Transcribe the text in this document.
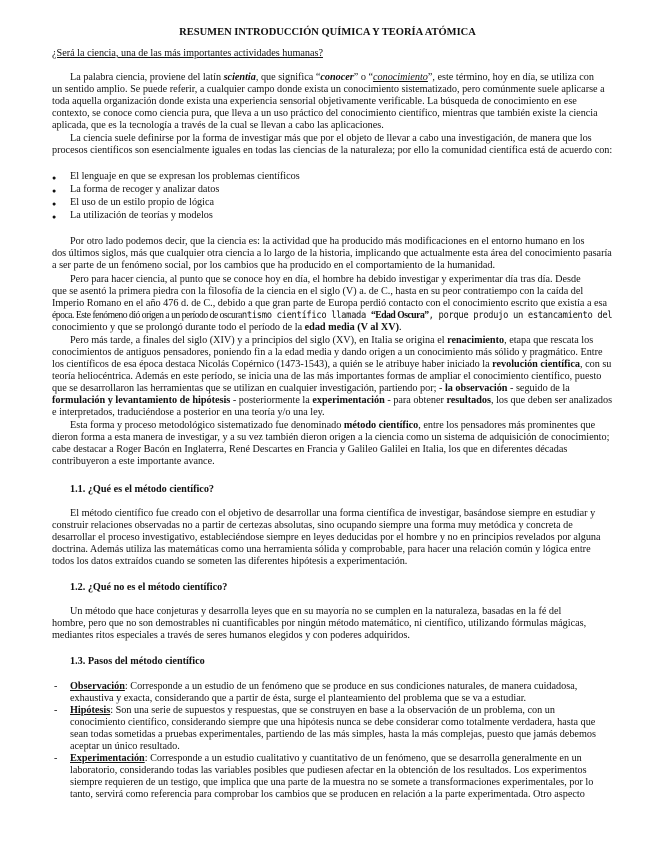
RESUMEN INTRODUCCIÓN QUÍMICA Y TEORÍA ATÓMICA
¿Será la ciencia, una de las más importantes actividades humanas?
La palabra ciencia, proviene del latín scientia, que significa “conocer” o “conocimiento”, este término, hoy en día, se utiliza con
un sentido amplio. Se puede referir, a cualquier campo donde exista un conocimiento sistematizado, pero comúnmente suele aplicarse a
toda aquella organización donde exista una experiencia sensorial objetivamente verificable. La búsqueda de conocimiento en ese
contexto, se conoce como ciencia pura, que lleva a un uso práctico del conocimiento científico, mientras que también existe la ciencia
aplicada, que es la tecnología a través de la cual se llevan a cabo las aplicaciones.
La ciencia suele definirse por la forma de investigar más que por el objeto de llevar a cabo una investigación, de manera que los
procesos científicos son esencialmente iguales en todas las ciencias de la naturaleza; por ello la comunidad científica está de acuerdo con:
● El lenguaje en que se expresan los problemas científicos
● La forma de recoger y analizar datos
● El uso de un estilo propio de lógica
● La utilización de teorías y modelos
Por otro lado podemos decir, que la ciencia es: la actividad que ha producido más modificaciones en el entorno humano en los
dos últimos siglos, más que cualquier otra ciencia a lo largo de la historia, implicando que actualmente esta área del conocimiento pasaría
a ser parte de un fenómeno social, por los cambios que ha producido en el comportamiento de la humanidad.
Pero para hacer ciencia, al punto que se conoce hoy en día, el hombre ha debido investigar y experimentar día tras día. Desde
que se asentó la primera piedra con la filosofía de la ciencia en el siglo (V) a. de C., hasta en su peor contratiempo con la caída del
Imperio Romano en el año 476 d. de C., debido a que gran parte de Europa perdió contacto con el conocimiento escrito que existía a esa
época. Este fenómeno dió origen a un período de oscurantismo científico llamada “Edad Oscura”, porque produjo un estancamiento del
conocimiento y que se prolongó durante todo el período de la edad media (V al XV).
Pero más tarde, a finales del siglo (XIV) y a principios del siglo (XV), en Italia se origina el renacimiento, etapa que rescata los
conocimientos de antiguos pensadores, poniendo fin a la edad media y dando origen a un conocimiento más sólido y pragmático. Entre
los científicos de esa época destaca Nicolás Copérnico (1473-1543), a quién se le atribuye haber iniciado la revolución científica, con su
teoría heliocéntrica. Además en este período, se inicia una de las más importantes formas de ampliar el conocimiento científico, puesto
que se desarrollaron las herramientas que se utilizan en cualquier investigación, partiendo por; - la observación - seguido de la
formulación y levantamiento de hipótesis - posteriormente la experimentación - para obtener resultados, los que deben ser analizados
e interpretados, traduciéndose a posterior en una teoría y/o una ley.
Esta forma y proceso metodológico sistematizado fue denominado método científico, entre los pensadores más prominentes que
dieron forma a esta manera de investigar, y a su vez también dieron origen a la ciencia como un sistema de adquisición de conocimiento;
cabe destacar a Roger Bacón en Inglaterra, René Descartes en Francia y Galileo Galilei en Italia, los que en diferentes décadas
contribuyeron a este importante avance.
1.1. ¿Qué es el método científico?
El método científico fue creado con el objetivo de desarrollar una forma científica de investigar, basándose siempre en estudiar y
construir relaciones observadas no a partir de certezas absolutas, sino ocupando siempre una forma muy metódica y concreta de
desarrollar el proceso investigativo, estableciéndose siempre en leyes deducidas por el hombre y no en principios revelados por alguna
doctrina. Además utiliza las matemáticas como una herramienta sólida y comprobable, para hacer una relación común y lógica entre
todos los datos extraídos cuando se someten las diferentes hipótesis a experimentación.
1.2. ¿Qué no es el método científico?
Un método que hace conjeturas y desarrolla leyes que en su mayoría no se cumplen en la naturaleza, basadas en la fé del
hombre, pero que no son demostrables ni cuantificables por ningún método matemático, ni científico, utilizando fórmulas mágicas,
mediantes ritos especiales a través de seres humanos elegidos y con poderes adquiridos.
1.3. Pasos del método científico
- Observación: Corresponde a un estudio de un fenómeno que se produce en sus condiciones naturales, de manera cuidadosa,
exhaustiva y exacta, considerando que a partir de ésta, surge el planteamiento del problema que se va a estudiar.
- Hipótesis: Son una serie de supuestos y respuestas, que se construyen en base a la observación de un problema, con un
conocimiento científico, considerando siempre que una hipótesis nunca se debe considerar como totalmente verdadera, hasta que
sean todas sometidas a pruebas experimentales, partiendo de las más simples, hasta la más complejas, puesto que jamás debemos
aceptar un único resultado.
- Experimentación: Corresponde a un estudio cualitativo y cuantitativo de un fenómeno, que se desarrolla generalmente en un
laboratorio, considerando todas las variables posibles que pudiesen afectar en la obtención de los resultados. Los experimentos
siempre requieren de un testigo, que implica que una parte de la muestra no se somete a transformaciones experimentales, por lo
tanto, servirá como referencia para comprobar los cambios que se producen en relación a la parte experimentada. Otro aspecto
